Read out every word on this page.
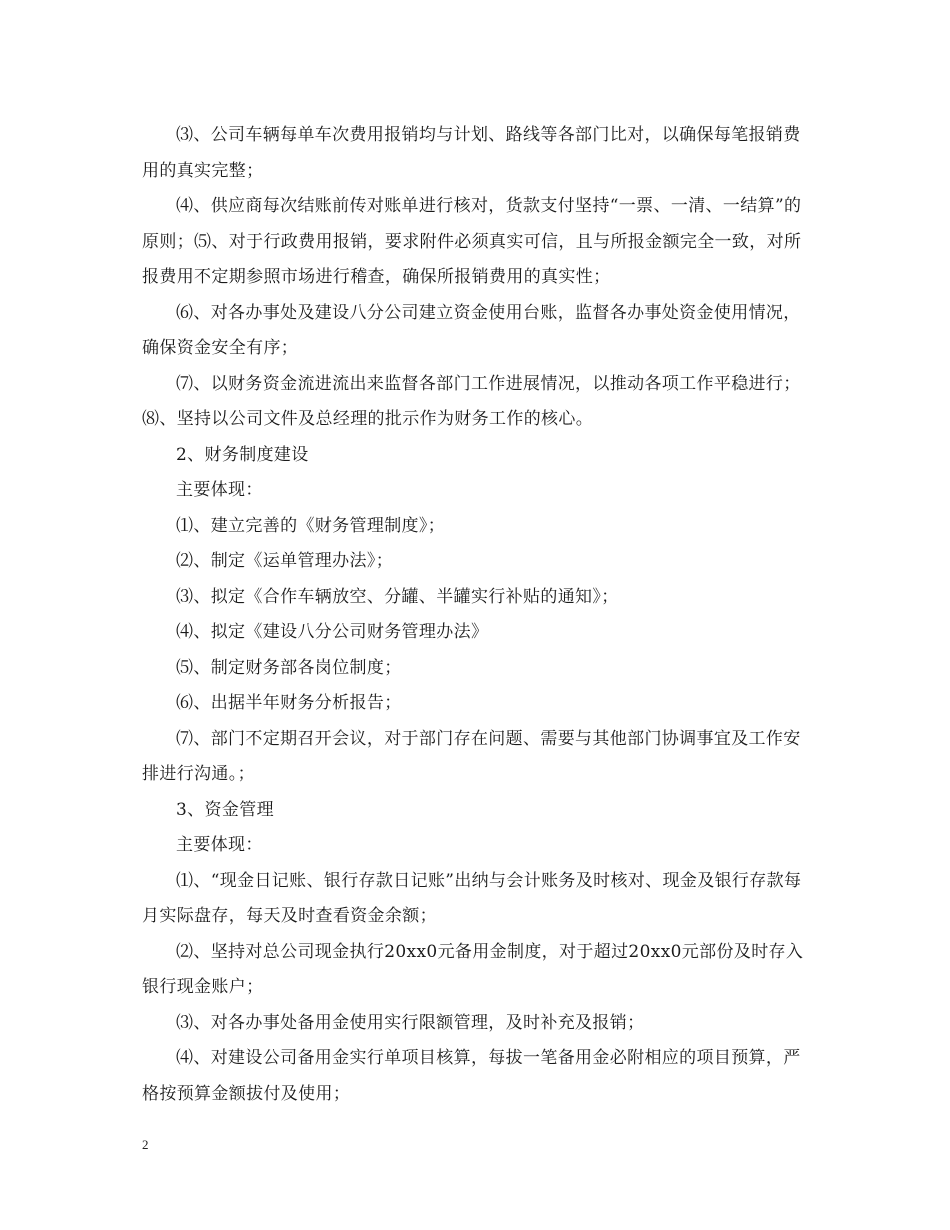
⑶、公司车辆每单车次费用报销均与计划、路线等各部门比对，以确保每笔报销费用的真实完整；

⑷、供应商每次结账前传对账单进行核对，货款支付坚持“一票、一清、一结算”的原则；⑸、对于行政费用报销，要求附件必须真实可信，且与所报金额完全一致，对所报费用不定期参照市场进行稽查，确保所报销费用的真实性；

⑹、对各办事处及建设八分公司建立资金使用台账，监督各办事处资金使用情况，确保资金安全有序；

⑺、以财务资金流进流出来监督各部门工作进展情况，以推动各项工作平稳进行；⑻、坚持以公司文件及总经理的批示作为财务工作的核心。

2、财务制度建设

主要体现：

⑴、建立完善的《财务管理制度》；

⑵、制定《运单管理办法》；

⑶、拟定《合作车辆放空、分罐、半罐实行补贴的通知》；

⑷、拟定《建设八分公司财务管理办法》

⑸、制定财务部各岗位制度；

⑹、出据半年财务分析报告；

⑺、部门不定期召开会议，对于部门存在问题、需要与其他部门协调事宜及工作安排进行沟通。；

3、资金管理

主要体现：

⑴、“现金日记账、银行存款日记账”出纳与会计账务及时核对、现金及银行存款每月实际盘存，每天及时查看资金余额；

⑵、坚持对总公司现金执行20xx0元备用金制度，对于超过20xx0元部份及时存入银行现金账户；

⑶、对各办事处备用金使用实行限额管理，及时补充及报销；

⑷、对建设公司备用金实行单项目核算，每拔一笔备用金必附相应的项目预算，严格按预算金额拔付及使用；

2
